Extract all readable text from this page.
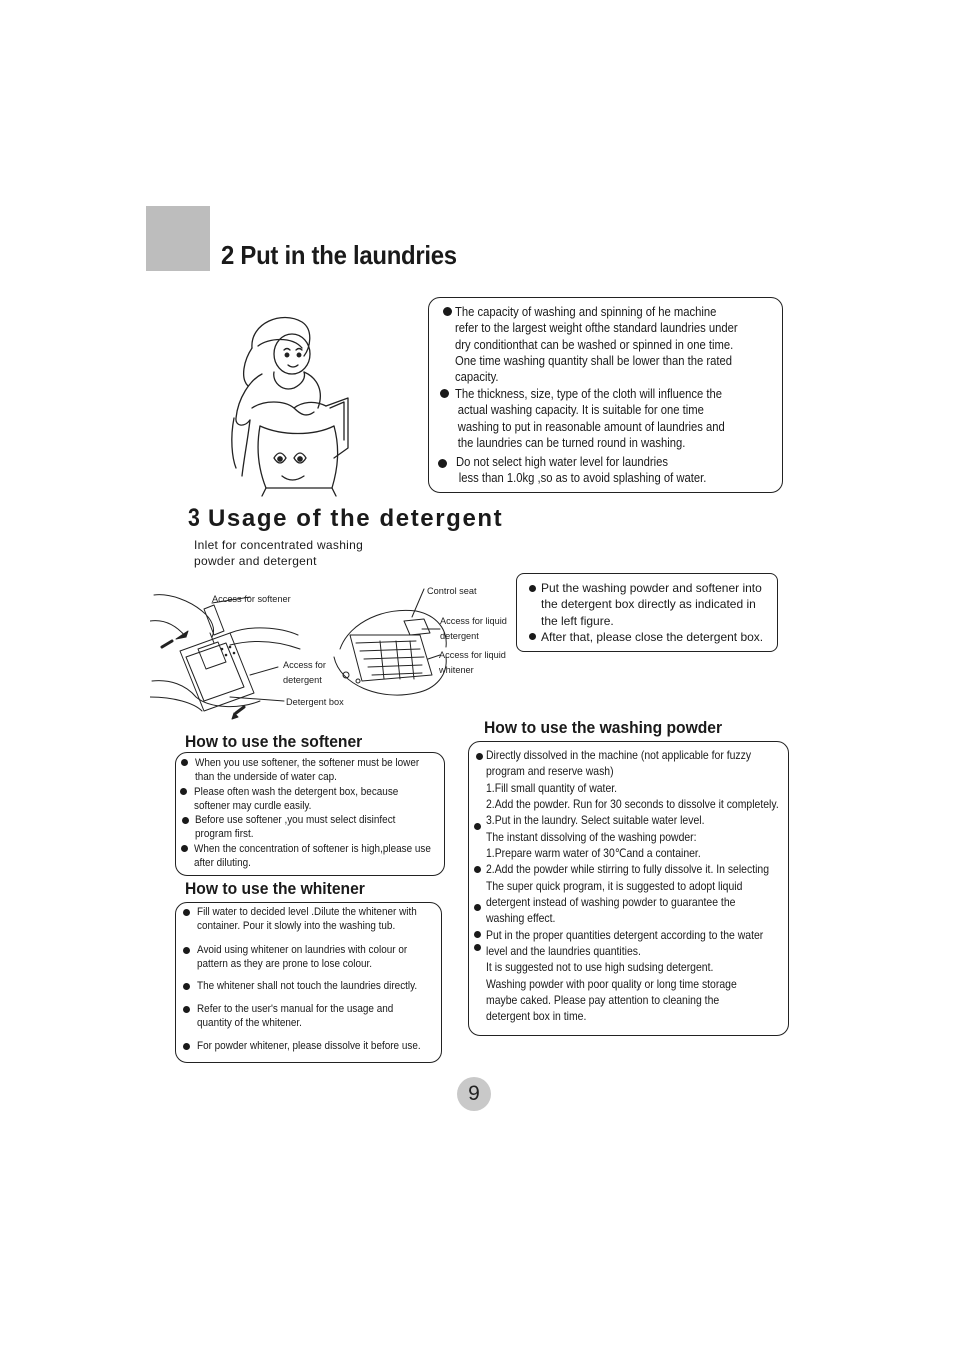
2 Put in the laundries
The capacity of washing and spinning of he machine
refer to the largest weight ofthe standard laundries under
dry conditionthat can be washed or spinned in one time.
One time washing quantity shall be lower than the rated
capacity.
The thickness, size, type of the cloth will influence the
actual washing capacity. It is suitable for one time
washing to put in reasonable amount of laundries and
the laundries can be turned round in washing.
Do not select high water level for laundries
less than 1.0kg ,so as to avoid splashing of water.
3 Usage of the detergent
Inlet for concentrated washing
powder and detergent
Access for softener
Control seat
Access for liquid
detergent
Access for
detergent
Access for liquid
whitener
Detergent box
Put the washing powder and softener into
the detergent box directly as indicated in
the left figure.
After that, please close the detergent box.
How to use the softener
When you use softener, the softener must be lower
than the underside of water cap.
Please often wash the detergent box, because
softener may curdle easily.
Before use softener ,you must select disinfect
program first.
When the concentration of softener is high,please use
after diluting.
How to use the whitener
Fill water to decided level .Dilute the whitener with
container. Pour it slowly into the washing tub.
Avoid using whitener on laundries with colour or
pattern as they are prone to lose colour.
The whitener shall not touch the laundries directly.
Refer to the user's manual for the usage and
quantity of the whitener.
For powder whitener, please dissolve it before use.
How to use the washing powder
Directly dissolved in the machine (not applicable for fuzzy
program and reserve wash)
1.Fill small quantity of water.
2.Add the powder. Run for 30 seconds to dissolve it completely.
3.Put in the laundry. Select suitable water level.
The instant dissolving of the washing powder:
1.Prepare warm water of 30℃and a container.
2.Add the powder while stirring to fully dissolve it. In selecting
The super quick program, it is suggested to adopt liquid
detergent instead of washing powder to guarantee the
washing effect.
Put in the proper quantities detergent according to the water
level and the laundries quantities.
It is suggested not to use high sudsing detergent.
Washing powder with poor quality or long time storage
maybe caked. Please pay attention to cleaning the
detergent box in time.
9
